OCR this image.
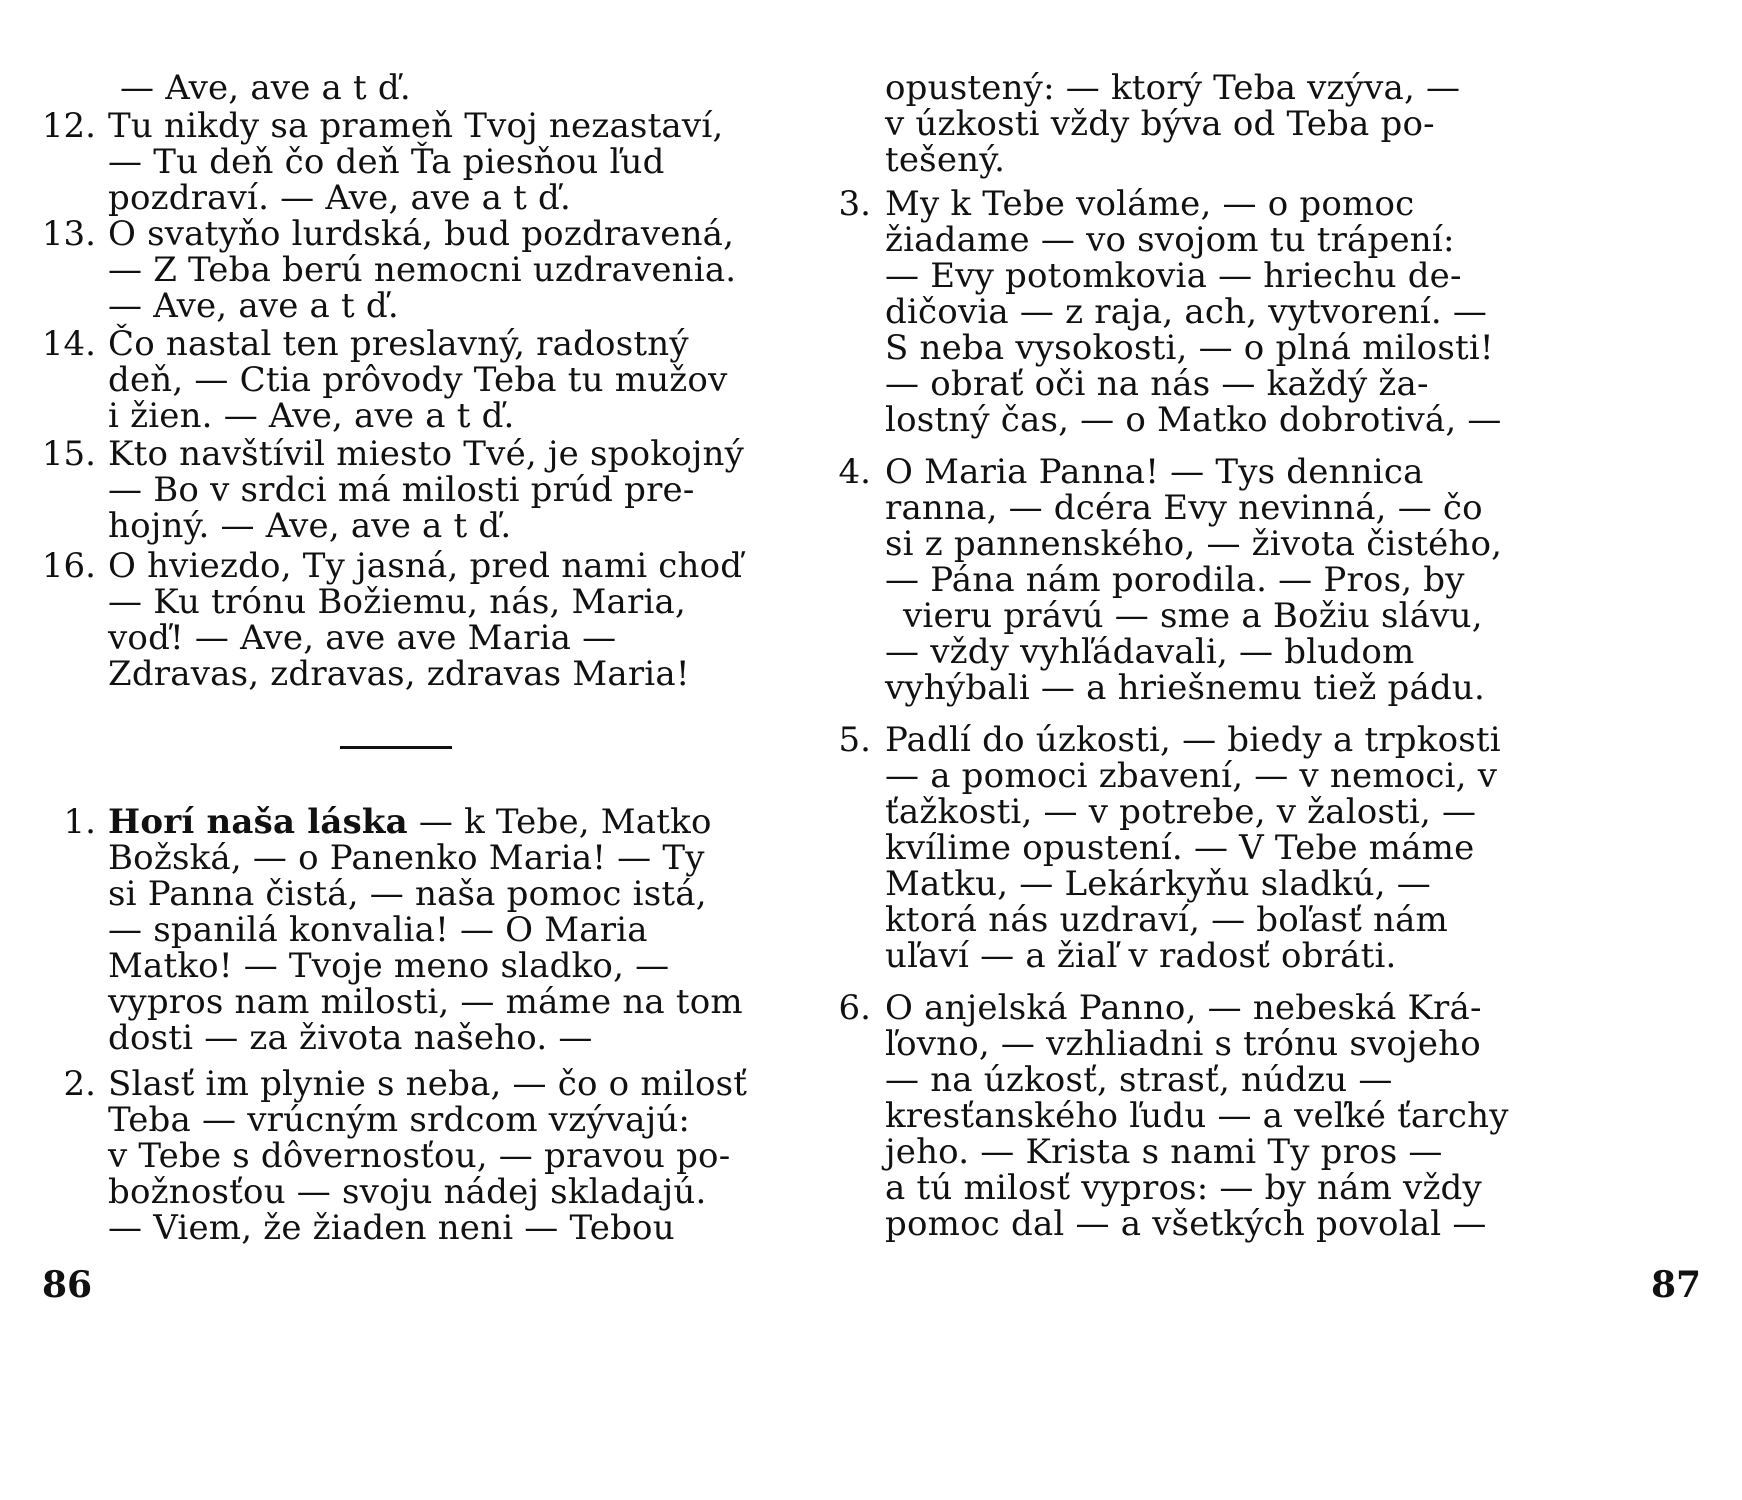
— Ave, ave a t ď.
12. Tu nikdy sa prameň Tvoj nezastaví,
— Tu deň čo deň Ťa piesňou ľud
pozdraví. — Ave, ave a t ď.
13. O svatyňo lurdská, bud pozdravená,
— Z Teba berú nemocni uzdravenia.
— Ave, ave a t ď.
14. Čo nastal ten preslavný, radostný
deň, — Ctia prôvody Teba tu mužov
i žien. — Ave, ave a t ď.
15. Kto navštívil miesto Tvé, je spokojný
— Bo v srdci má milosti prúd pre-
hojný. — Ave, ave a t ď.
16. O hviezdo, Ty jasná, pred nami choď
— Ku trónu Božiemu, nás, Maria,
voď! — Ave, ave ave Maria —
Zdravas, zdravas, zdravas Maria!
1. Horí naša láska — k Tebe, Matko
Božská, — o Panenko Maria! — Ty
si Panna čistá, — naša pomoc istá,
— spanilá konvalia! — O Maria
Matko! — Tvoje meno sladko, —
vypros nam milosti, — máme na tom
dosti — za života našeho. —
2. Slasť im plynie s neba, — čo o milosť
Teba — vrúcným srdcom vzývajú:
v Tebe s dôvernosťou, — pravou po-
božnosťou — svoju nádej skladajú.
— Viem, že žiaden neni — Tebou
86
opustený: — ktorý Teba vzýva, —
v úzkosti vždy býva od Teba po-
tešený.
3. My k Tebe voláme, — o pomoc
žiadame — vo svojom tu trápení:
— Evy potomkovia — hriechu de-
dičovia — z raja, ach, vytvorení. —
S neba vysokosti, — o plná milosti!
— obrať oči na nás — každý ža-
lostný čas, — o Matko dobrotivá, —
4. O Maria Panna! — Tys dennica
ranna, — dcéra Evy nevinná, — čo
si z pannenského, — života čistého,
— Pána nám porodila. — Pros, by
vieru právú — sme a Božiu slávu,
— vždy vyhľádavali, — bludom
vyhýbali — a hriešnemu tiež pádu.
5. Padlí do úzkosti, — biedy a trpkosti
— a pomoci zbavení, — v nemoci, v
ťažkosti, — v potrebe, v žalosti, —
kvílime opustení. — V Tebe máme
Matku, — Lekárkyňu sladkú, —
ktorá nás uzdraví, — boľasť nám
uľaví — a žiaľ v radosť obráti.
6. O anjelská Panno, — nebeská Krá-
ľovno, — vzhliadni s trónu svojeho
— na úzkosť, strasť, núdzu —
kresťanského ľudu — a veľké ťarchy
jeho. — Krista s nami Ty pros —
a tú milosť vypros: — by nám vždy
pomoc dal — a všetkých povolal —
87
